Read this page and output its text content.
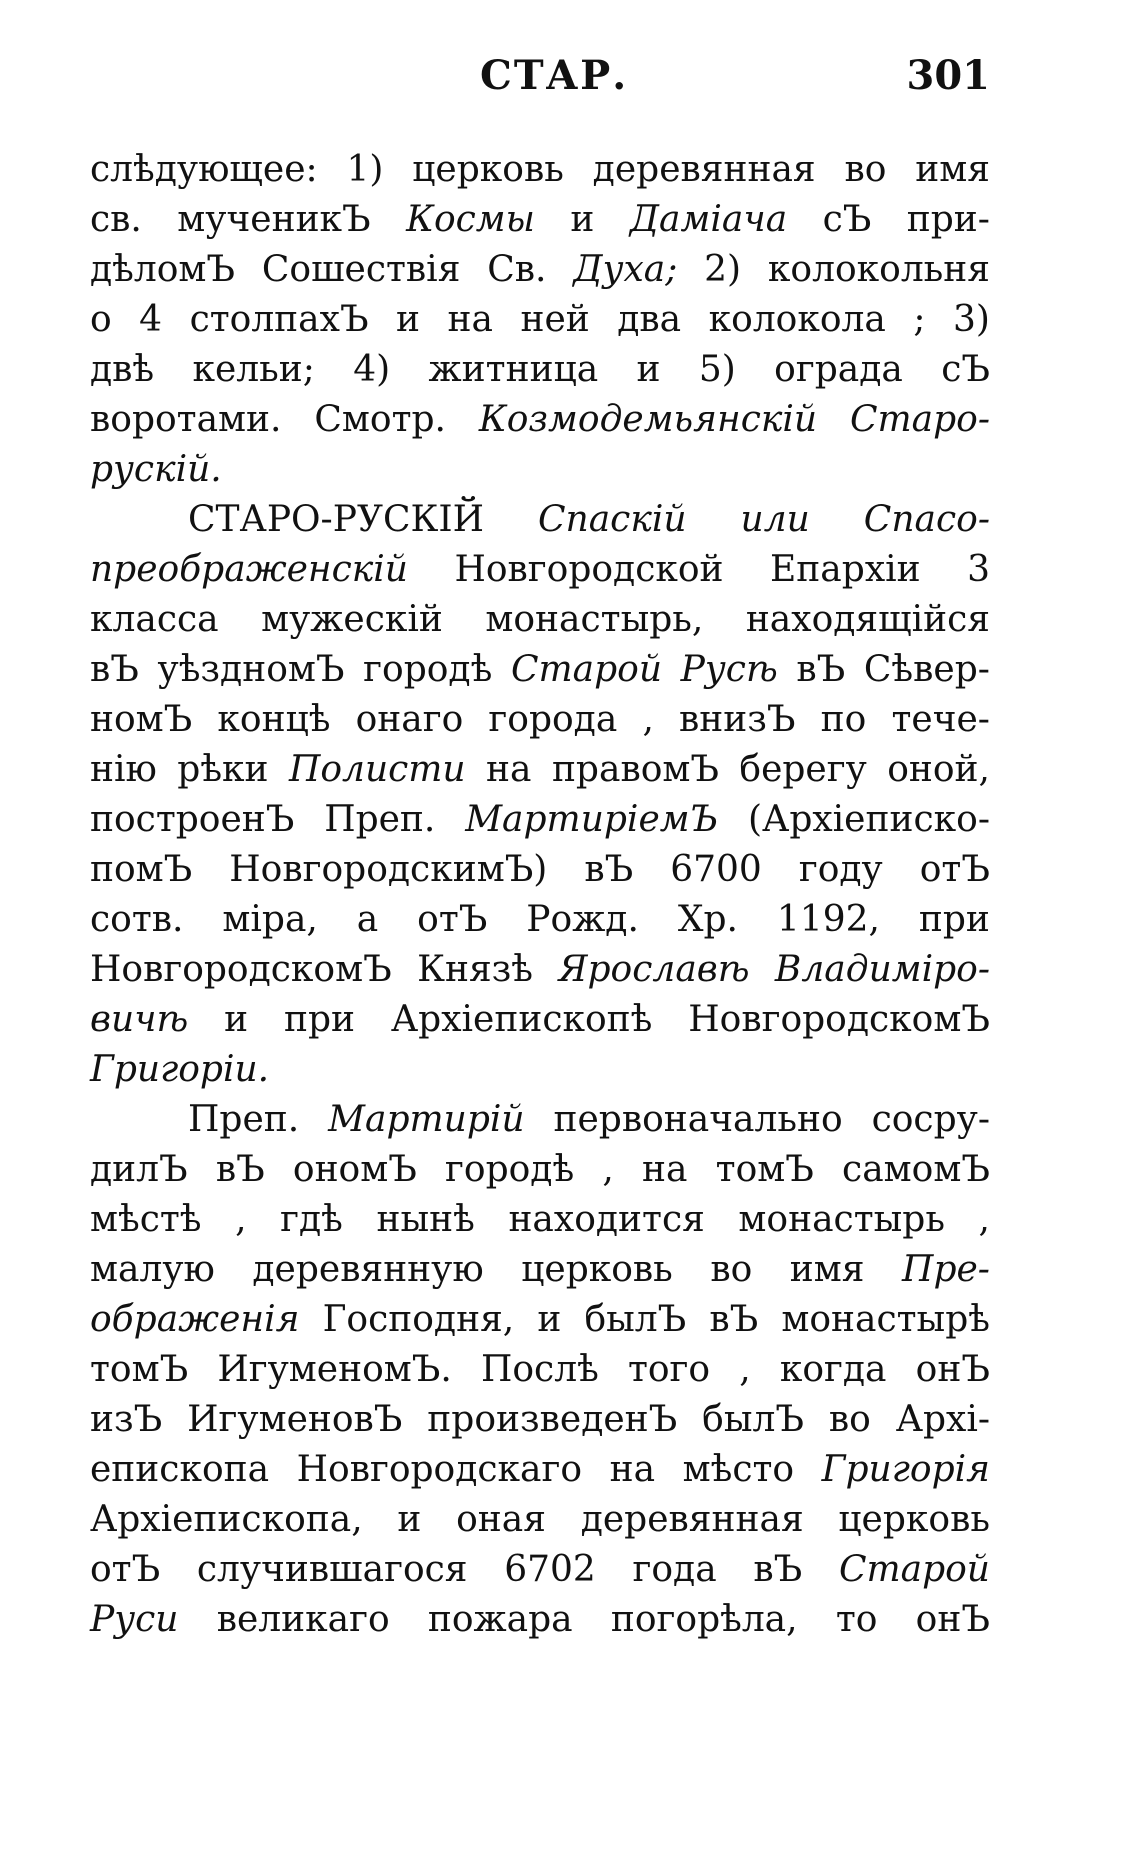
СТАР.	301
слѣдующее: 1) церковь деревянная во имя
св. мученикЪ Космы и Даміача сЪ при-
дѣломЪ Сошествія Св. Духа; 2) колокольня
о 4 столпахЪ и на ней два колокола ; 3)
двѣ кельи; 4) житница и 5) ограда сЪ
воротами. Смотр. Козмодемьянскій Старо-
рускій.
СТАРО-РУСКІЙ Спаскій или Спасо-
преображенскій Новгородской Епархіи 3
класса мужескій монастырь, находящійся
вЪ уѣздномЪ городѣ Старой Русѣ вЪ Сѣвер-
номЪ концѣ онаго города , внизЪ по тече-
нію рѣки Полисти на правомЪ берегу оной,
построенЪ Преп. МартиріемЪ (Архіеписко-
помЪ НовгородскимЪ) вЪ 6700 году отЪ
сотв. міра, а отЪ Рожд. Хр. 1192, при
НовгородскомЪ Князѣ Ярославѣ Владиміро-
вичѣ и при Архіепископѣ НовгородскомЪ
Григоріи.
Преп. Мартирій первоначально сосру-
дилЪ вЪ ономЪ городѣ , на томЪ самомЪ
мѣстѣ , гдѣ нынѣ находится монастырь ,
малую деревянную церковь во имя Пре-
ображенія Господня, и былЪ вЪ монастырѣ
томЪ ИгуменомЪ. Послѣ того , когда онЪ
изЪ ИгуменовЪ произведенЪ былЪ во Архі-
епископа Новгородскаго на мѣсто Григорія
Архіепископа, и оная деревянная церковь
отЪ случившагося 6702 года вЪ Старой
Руси великаго пожара погорѣла, то онЪ
